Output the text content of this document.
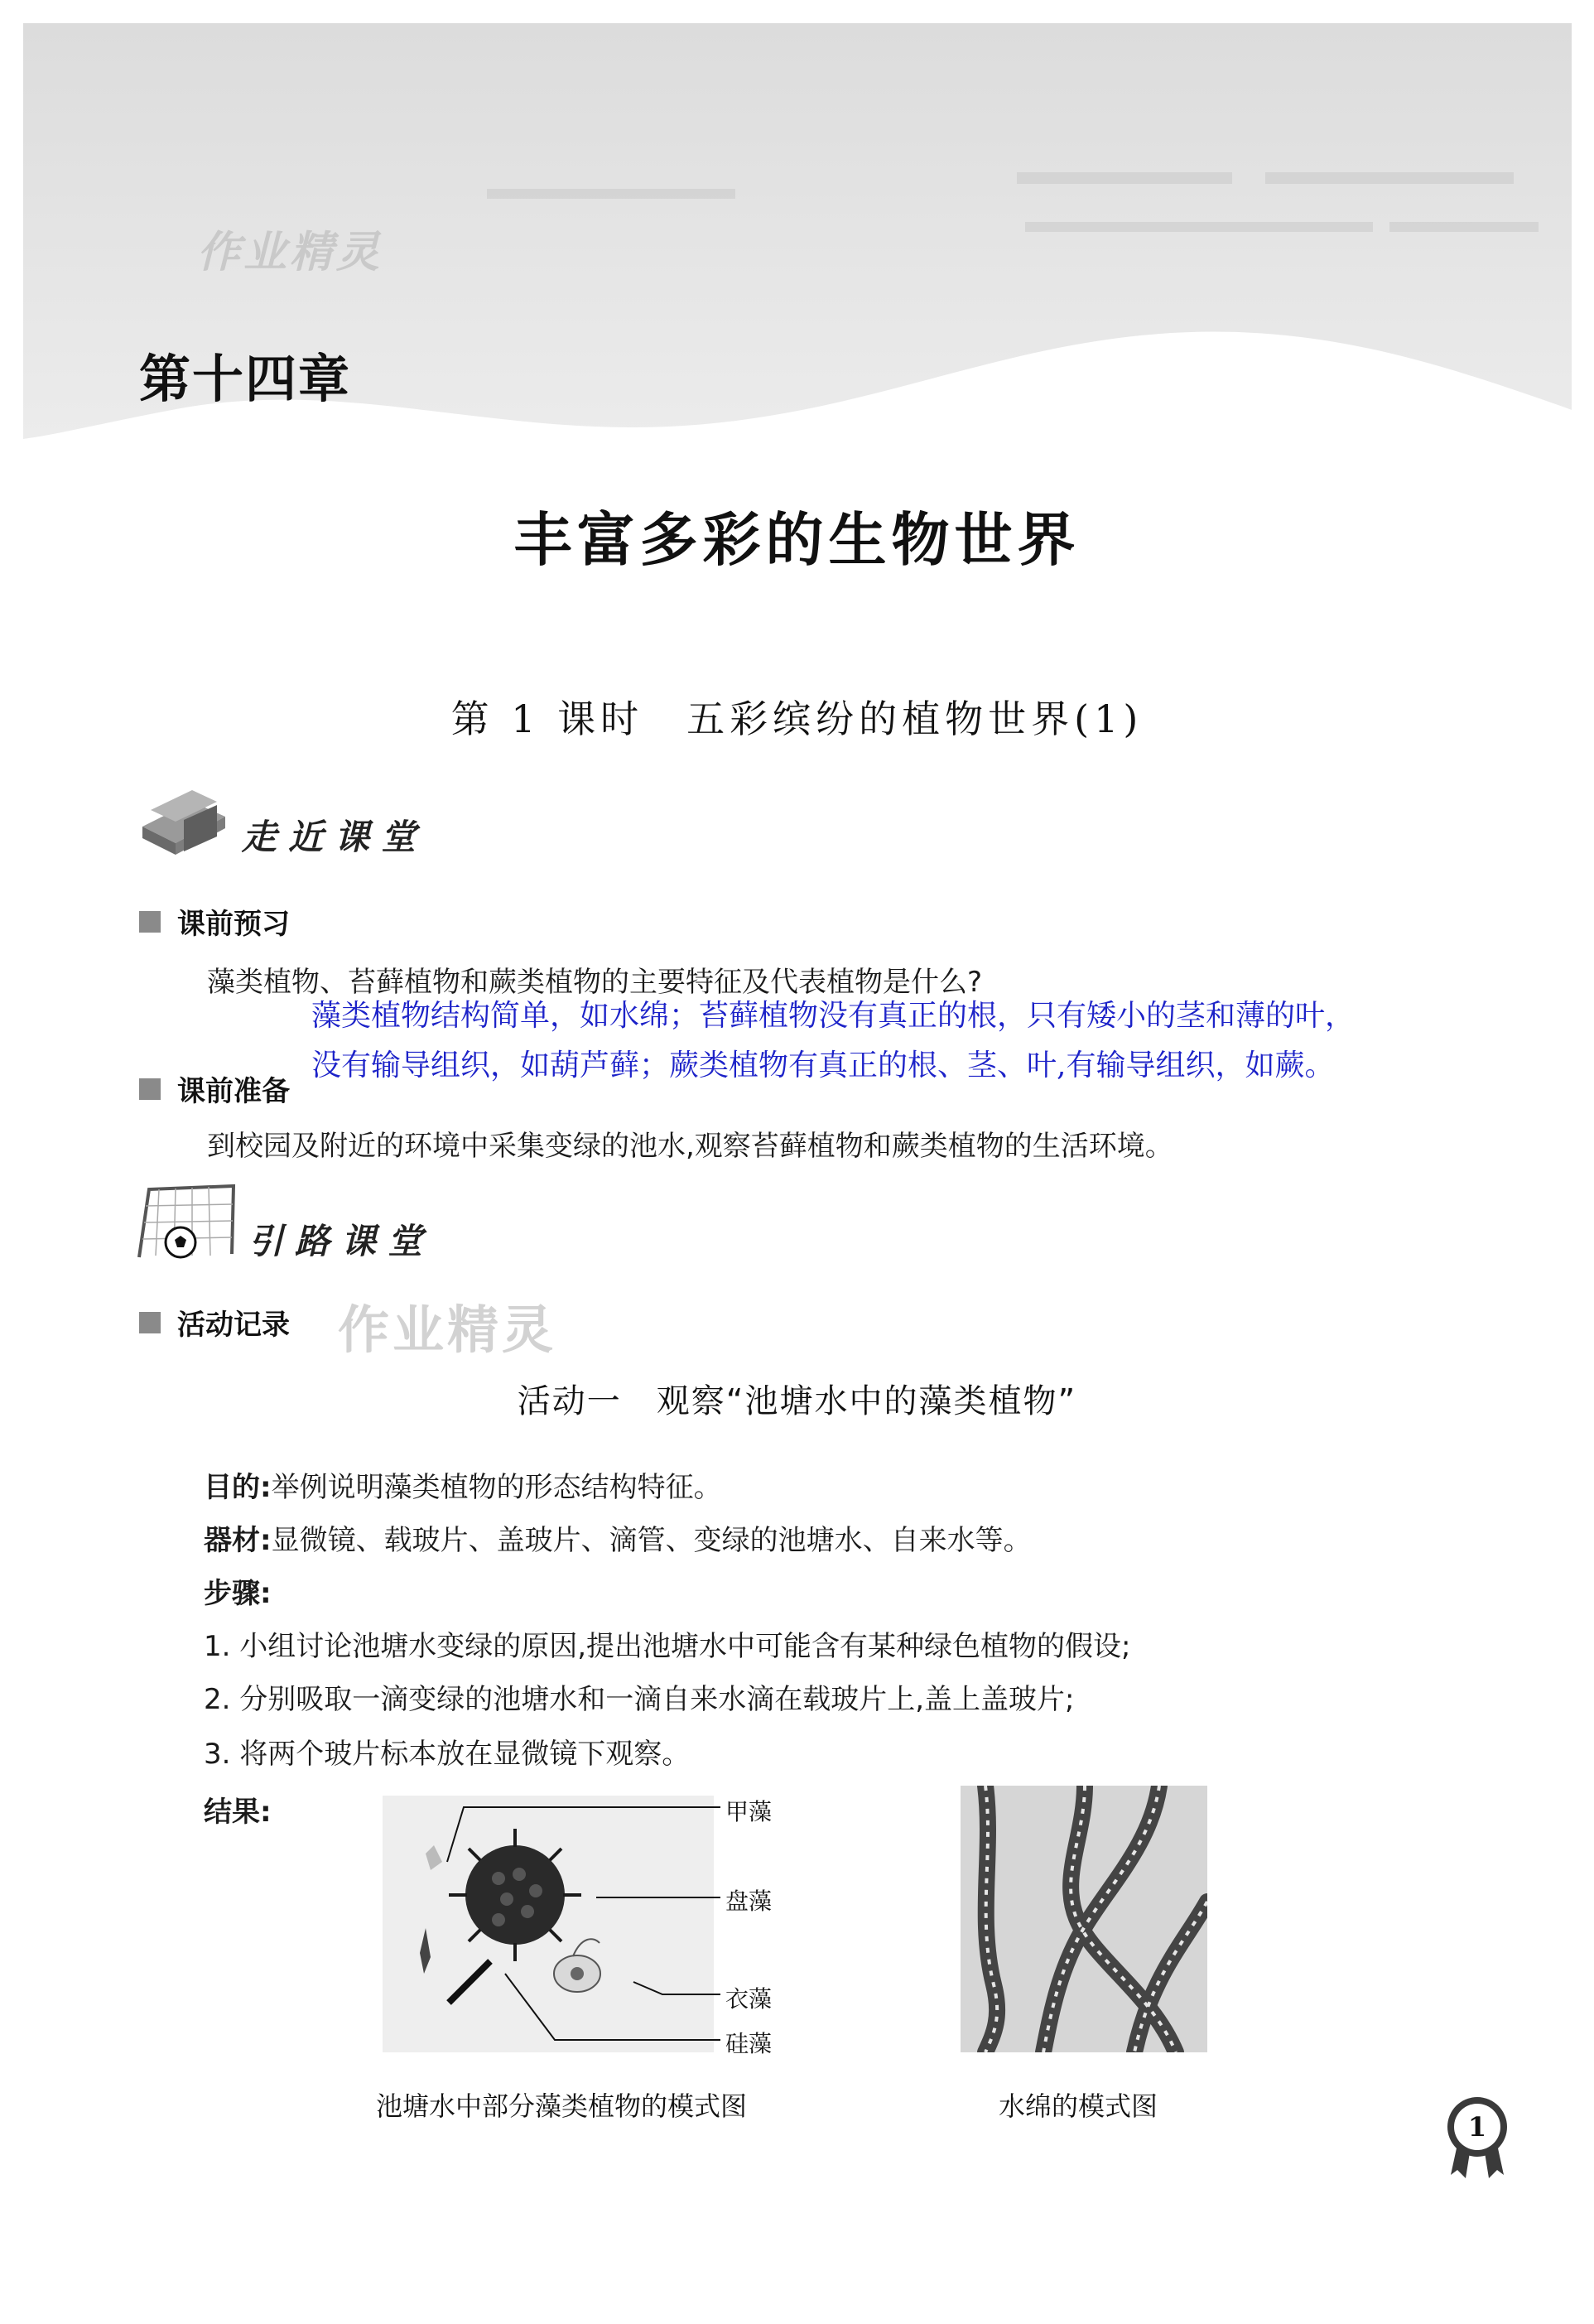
作业精灵
第十四章
丰富多彩的生物世界
第 1 课时　五彩缤纷的植物世界(1)
走近课堂
课前预习
藻类植物、苔藓植物和蕨类植物的主要特征及代表植物是什么?
藻类植物结构简单，如水绵；苔藓植物没有真正的根，只有矮小的茎和薄的叶，
没有输导组织，如葫芦藓；蕨类植物有真正的根、茎、叶,有输导组织，如蕨。
课前准备
到校园及附近的环境中采集变绿的池水,观察苔藓植物和蕨类植物的生活环境。
引路课堂
活动记录 作业精灵
活动一　观察“池塘水中的藻类植物”
目的:举例说明藻类植物的形态结构特征。
器材:显微镜、载玻片、盖玻片、滴管、变绿的池塘水、自来水等。
步骤:
1. 小组讨论池塘水变绿的原因,提出池塘水中可能含有某种绿色植物的假设;
2. 分别吸取一滴变绿的池塘水和一滴自来水滴在载玻片上,盖上盖玻片;
3. 将两个玻片标本放在显微镜下观察。
结果:	甲藻
盘藻
衣藻
硅藻
池塘水中部分藻类植物的模式图	水绵的模式图
1
